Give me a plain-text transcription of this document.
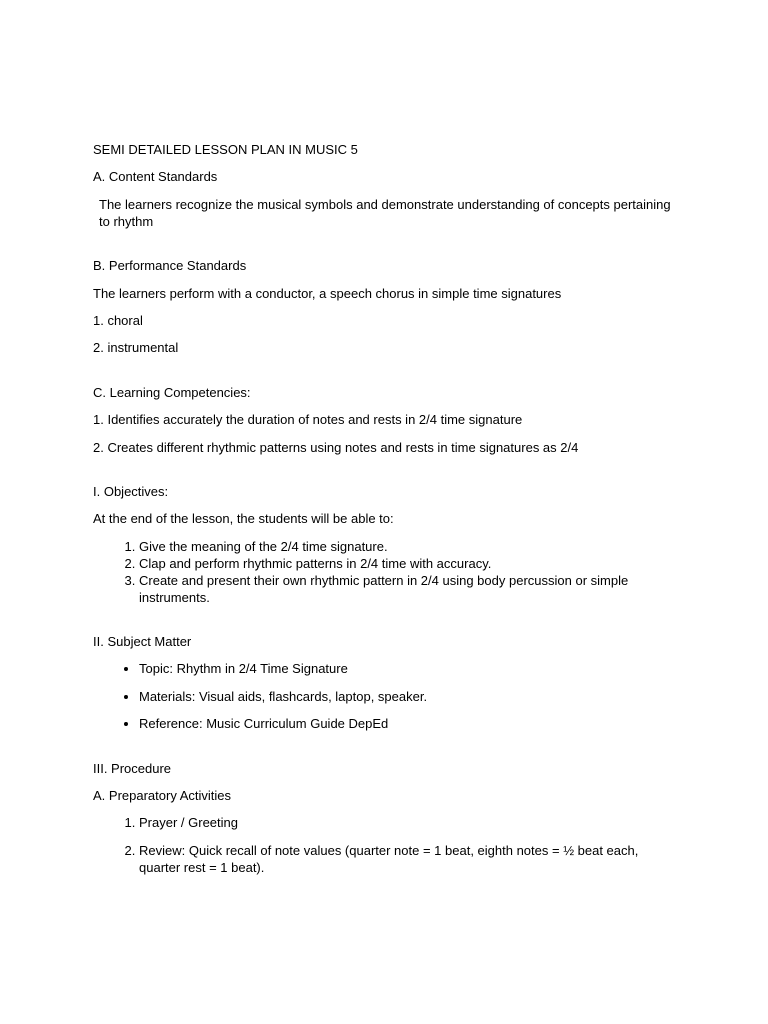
SEMI DETAILED LESSON PLAN IN MUSIC 5

A. Content Standards

The learners recognize the musical symbols and demonstrate understanding of concepts pertaining to rhythm

B. Performance Standards

The learners perform with a conductor, a speech chorus in simple time signatures

1. choral

2. instrumental

C. Learning Competencies:

1. Identifies accurately the duration of notes and rests in 2/4 time signature

2. Creates different rhythmic patterns using notes and rests in time signatures as 2/4

I. Objectives:

At the end of the lesson, the students will be able to:

1. Give the meaning of the 2/4 time signature.
2. Clap and perform rhythmic patterns in 2/4 time with accuracy.
3. Create and present their own rhythmic pattern in 2/4 using body percussion or simple instruments.

II. Subject Matter

• Topic: Rhythm in 2/4 Time Signature
• Materials: Visual aids, flashcards, laptop, speaker.
• Reference: Music Curriculum Guide DepEd

III. Procedure

A. Preparatory Activities

1. Prayer / Greeting
2. Review: Quick recall of note values (quarter note = 1 beat, eighth notes = ½ beat each, quarter rest = 1 beat).
